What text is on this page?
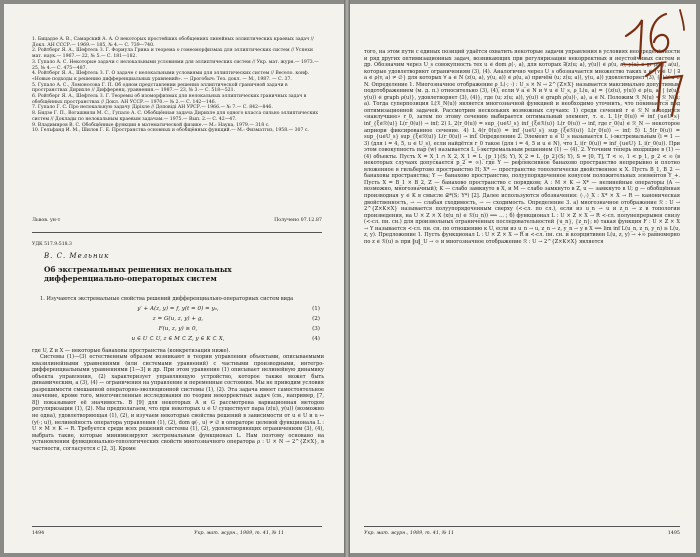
1. Бицадзе А. В., Самарский А. А. О некоторых простейших обобщениях линейных эллиптических краевых задач // Докл. АН СССР.— 1969.— 185, № 4.— С. 739—740.

2. Ройтберг Я. А., Шефтель З. Г. Формула Грина и теорема о гомеоморфизмах для эллиптических систем // Успехи мат. наук.— 1967.— 22, № 5.— С. 181—182.

3. Гупало А. С. Некоторые задачи с нелокальными условиями для эллиптических систем // Укр. мат. журн.— 1973.— 25, № 4.— С. 475—487.

4. Ройтберг Я. А., Шефтель З. Г. О задаче с нелокальными условиями для эллиптических систем // Весело. конф. «Новые подходы к решению дифференциальных уравнений». — Дрогобыч: Тез. докл. — М., 1987. — С. 37.

5. Гупало А. С., Ломоносова Г. П. Об одном представлении решения эллиптической граничной задачи в пространствах Дирихле // Дифференц. уравнения.— 1987.— 23, № 3.— С. 518—521.

6. Ройтберг Я. А., Шефтель З. Г. Теоремы об изоморфизмах для нелокальных эллиптических граничных задач в обобщённых пространствах // Докл. АН УССР.— 1970.— № 2.— С. 142—146.

7. Гупало Г. С. Про нелокальную задачу Діріхле // Доповіді АН УРСР.— 1966.— № 7.— С. 842—846.

8. Бидзе Г. П., Вогашвили М. С., Гупало А. С. Обобщённая задача Дирихле для одного класса сильно эллиптических систем // Доклады по нелокальным краевым задачам.— 1975.— Вып. 2.— С. 42—47.

9. Владимиров В. С. Обобщённые функции в математической физике.— М.: Наука, 1979.— 318 с.

10. Гельфанд И. М., Шилов Г. Е. Пространства основных и обобщённых функций.— М.: Физматгиз, 1958.— 307 с.

Львов. ун-т	Получено 07.12.87
УДК 517.9:518.3
В. С. Мельник
Об экстремальных решениях нелокальных дифференциально-операторных систем
1. Изучаются экстремальные свойства решений дифференциально-операторных систем вида
y′ + A(z, y) = f, y(t = 0) = y₀,	(1)
z = G(u, z, y) + g,	(2)
F(u, z, y) ≥ 0,	(3)
u ∈ U ⊂ U, z ∈ M ⊂ Z, y ∈ K ⊂ X,	(4)
где U, Z и X — некоторые банаховы пространства (конкретизация ниже).
Системы (1)—(3) естественным образом возникают в теории управления объектами, описываемыми квазилинейными уравнениями (или системами уравнений) с частными производными, интегро-дифференциальными уравнениями [1—3] и др. При этом уравнение (1) описывает нелинейную динамику объекта управления, (2) характеризует управляющую устройство, которое также может быть динамическим, а (3), (4) — ограничения на управление и переменные состояния. Мы не приводим условия разрешимости смешанной операторно-эволюционной системы (1), (2). Эта задача имеет самостоятельное значение, кроме того, многочисленные исследования по теории некорректных задач (см., например, [7, 8]) показывают её значимость. В [9] для некоторых A и G рассмотрена вариационная методом регуляризации (1), (2). Мы предполагаем, что при некоторых u ∈ U существует пара (z(u), y(u)) (возможно не одна), удовлетворяющая (1), (2), и изучаем некоторые свойства решений в зависимости от u ∈ U и u ↦ (y(·; u)), нелинейность оператора управления (1), (2), dom φ(·, u) ≠ ∅ в операторе целевой функционала L : U × M × K → R. Требуется среди всех решений системы (1), (2), удовлетворяющих ограничениям (3), (4), выбрать такие, которые минимизируют экстремальным функционал L. Нам поэтому основано на установлении функционально-топологических свойств многозначного оператора ρ : U × N → 2^{Z×X}, в частности, согласуется с [2, 3]. Кроме
1494	Укр. мат. журн., 1989, т. 41, № 11
того, на этом пути с единых позиций удаётся охватить некоторые задачи управления в условиях неопределённости и ряд других оптимизационных задач, возникающих при регуляризации некорректных и неустойчивых систем и др. Обозначим через U_s совокупность тех u ∈ dom ρ(·, a), для которых ∃(z(u; a), y(u)) ∈ ρ(u, a), y(u) ∈ gr ρ(u), a(u), которые удовлетворяют ограничениям (3), (4). Аналогично через U_s обозначается множество таких u ∈ {v ∈ U | ∃ a ∈ ρ(v, a) ≠ ∅} для которых ∀ a ∈ N (z(u, a), y(u, a)) ∈ ρ(u, a) причём (u; z(u; a)), y(u, a)) удовлетворяет (3), (4) ∀ a ∈ N. Определение 1. Многозначное отображение ρ_L(·; ·) : U_s × N → 2^{Z×X} называется максимально допустимым подотображением (м. д. п.) относительно (3), (4), если ∀ a ∈ N и ∀ u ∈ U_s, ρ_L(u, a) = {(z(u), y(u)) ∈ ρ(u, a) | (z(u), y(u)) ∈ graph ρ(u)}, удовлетворяет (3), (4)}, где (u; z(u; a)), y(u)) ∈ graph ρ(u)(·, a), a ∈ N. Положим ℛ_N(u) = ℛ_N(u; a). Тогда суперпозиция L(ℛ_N(u)) является многозначной функцией и необходимо уточнить, что понимается под оптимизационной задачей. Рассмотрим нескольких возможных случаях: 1) среди сечений r ∈ ℛ_N находится «наилучшее» r_0, затем по этому сечению выбирается оптимальный элемент, т. е. L_1(r_0(u)) = inf_{u∈U_s} inf_{ξ∈ℛ(u)} L(r_0(u)) → inf; 2) L_2(r_0(u)) = sup_{u∈U_s} inf_{ξ∈ℛ(u)} L(r_0(u)) → inf, где r_0(u) ∈ ℛ_N — некоторое априори фиксированное сечение. 4) L_4(r_0(u)) = inf_{u∈U_s} sup_{ξ∈ℛ(u)} L(r_0(u)) → inf; 5) L_5(r_0(u)) = sup_{u∈U_s} sup_{ξ∈ℛ(u)} L(r_0(u)) → inf. Определение 2. Элемент u ∈ U_s называется L_i-экстремальным (i = 1 — 3) (для i = 4, 5, u ∈ U_s), если найдётся r_0 такое (для i = 4, 5 и u ∈ N), что L_i(r_0(u)) = inf_{u∈U} L_i(r_0(u)). При этом совокупность пар (w) называется L_i-экстремальным решением (1) — (4). 2. Уточним теперь входящие в (1) — (4) объекты. Пусть X = X_1 ∩ X_2, X_1 = L_{p_1}(S; Y), X_2 = L_{p_2}(S; Y), S = [0, T], T < ∞, 1 < p_1, p_2 < ∞ (в некоторых случаях допускается p_2 = ∞). где Y — рефлексивное банахово пространство непрерывно и плотно вложенное в гильбертово пространство H; X* — пространство топологически двойственное к X. Пусть B_1, B_2 — банаховы пространства; Y — банахово пространство, полуупорядоченное конусом положительных элементов Y_+. Пусть X = B_1 × B_2, Z — банахово пространство с порядком; A : M × K → X* — нелинейные операторы (A — возможно, многозначный); K — слабо замкнуто в X, и M — слабо замкнуто в Z, u — замкнуто в U; g — обобщённая производная y ∈ K в смысле 𝒟*(S; Y*) [2]. Далее используются обозначения: ⟨·,·⟩_X : X* × X → R — каноническая двойственность, → — слабая сходимость, ⇀ — сходимость. Определение 3. а) многозначное отображение ℛ : U → 2^{Z×K×X} называется полуупорядоченным сверху (≺-сл. по сл.), если из u_n → u и z_n → z в топологии произведения, на U × Z × X (х(u_n) ∈ ℛ(u_n)) ⟹ ... ; б) функционал L : U × Z × X → R ≺-сл. полунепрерывен снизу (≺-сл. пн. сн.) для произвольных ограниченных последовательностей {u_n}, {z_n}; в) такая функция F : U × Z × X → Y называется ≺-сл. пн. сн. по отношению к U, если из u_n → u, z_n ⇀ z, y_n ⇀ y в X ⟹ lim inf L(u_n, z_n, y_n) ≥ L(u, z, y). Предложение 1. Пусть функционал L : U × Z × X → R и ≺-сл. пн. сн. и коэрцитивен L(u, z, y) → +∞ равномерно по z ∈ ℛ(u) ≥ при ‖u‖_U → ∞ и многозначное отображение ℛ : U → 2^{Z×K×X} является
Укр. мат. журн., 1989, т. 41, № 11	1495
